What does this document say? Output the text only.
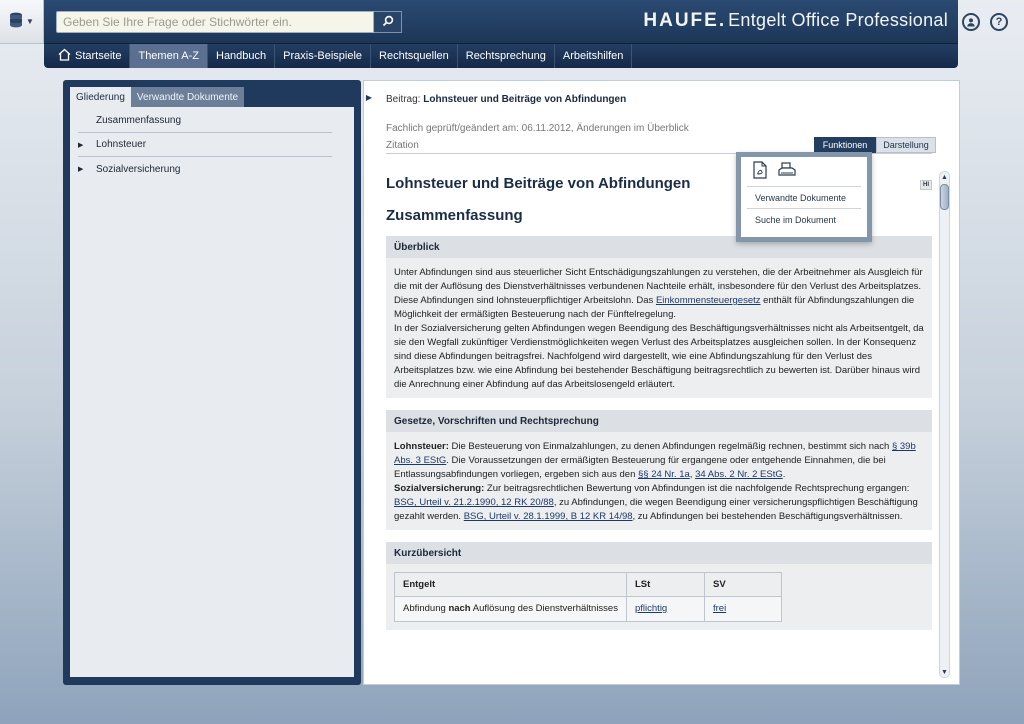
▼
Geben Sie Ihre Frage oder Stichwörter ein.	HAUFE. Entgelt Office Professional	?
Startseite Themen A-Z Handbuch Praxis-Beispiele Rechtsquellen Rechtsprechung Arbeitshilfen
Gliederung	Verwandte Dokumente
Zusammenfassung
▶	Lohnsteuer
▶	Sozialversicherung
Beitrag: Lohnsteuer und Beiträge von Abfindungen
Fachlich geprüft/geändert am: 06.11.2012, Änderungen im Überblick
Zitation	Funktionen	Darstellung
HI
▲
▼
Lohnsteuer und Beiträge von Abfindungen
Zusammenfassung
Überblick

Unter Abfindungen sind aus steuerlicher Sicht Entschädigungszahlungen zu verstehen, die der Arbeitnehmer als Ausgleich für die mit der Auflösung des Dienstverhältnisses verbundenen Nachteile erhält, insbesondere für den Verlust des Arbeitsplatzes. Diese Abfindungen sind lohnsteuerpflichtiger Arbeitslohn. Das Einkommensteuergesetz enthält für Abfindungszahlungen die Möglichkeit der ermäßigten Besteuerung nach der Fünftelregelung.

In der Sozialversicherung gelten Abfindungen wegen Beendigung des Beschäftigungsverhältnisses nicht als Arbeitsentgelt, da sie den Wegfall zukünftiger Verdienstmöglichkeiten wegen Verlust des Arbeitsplatzes ausgleichen sollen. In der Konsequenz sind diese Abfindungen beitragsfrei. Nachfolgend wird dargestellt, wie eine Abfindungszahlung für den Verlust des Arbeitsplatzes bzw. wie eine Abfindung bei bestehender Beschäftigung beitragsrechtlich zu bewerten ist. Darüber hinaus wird die Anrechnung einer Abfindung auf das Arbeitslosengeld erläutert.

Gesetze, Vorschriften und Rechtsprechung

Lohnsteuer: Die Besteuerung von Einmalzahlungen, zu denen Abfindungen regelmäßig rechnen, bestimmt sich nach § 39b Abs. 3 EStG. Die Voraussetzungen der ermäßigten Besteuerung für ergangene oder entgehende Einnahmen, die bei Entlassungsabfindungen vorliegen, ergeben sich aus den §§ 24 Nr. 1a, 34 Abs. 2 Nr. 2 EStG.

Sozialversicherung: Zur beitragsrechtlichen Bewertung von Abfindungen ist die nachfolgende Rechtsprechung ergangen: BSG, Urteil v. 21.2.1990, 12 RK 20/88, zu Abfindungen, die wegen Beendigung einer versicherungspflichtigen Beschäftigung gezahlt werden. BSG, Urteil v. 28.1.1999, B 12 KR 14/98, zu Abfindungen bei bestehenden Beschäftigungsverhältnissen.

Kurzübersicht
Entgelt	LSt	SV
Abfindung nach Auflösung des Dienstverhältnisses	pflichtig	frei
▶
Verwandte Dokumente
Suche im Dokument
